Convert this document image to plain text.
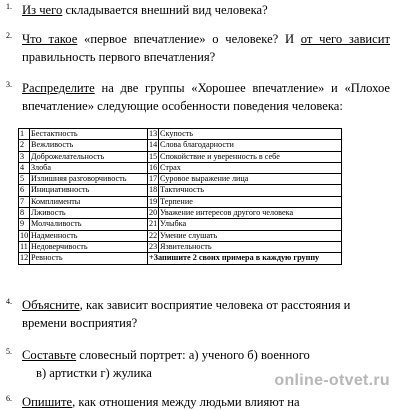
1. Из чего складывается внешний вид человека?
2. Что такое «первое впечатление» о человеке? И от чего зависит правильность первого впечатления?
3. Распределите на две группы «Хорошее впечатление» и «Плохое впечатление» следующие особенности поведения человека:
1	Бестактность	13	Скупость
2	Вежливость	14	Слова благодарности
3	Доброжелательность	15	Спокойствие и уверенность в себе
4	Злоба	16	Страх
5	Излишняя разговорчивость	17	Суровое выражение лица
6	Инициативность	18	Тактичность
7	Комплименты	19	Терпение
8	Лживость	20	Уважение интересов другого человека
9	Молчаливость	21	Улыбка
10	Надменность	22	Умение слушать
11	Недоверчивость	23	Язвительность
12	Ревность	+Запишите 2 своих примера в каждую группу	
4. Объясните, как зависит восприятие человека от расстояния и времени восприятия?
5. Составьте словесный портрет: а) ученого б) военного
в) артистки г) жулика
6. Опишите, как отношения между людьми влияют на
online-otvet.ru
